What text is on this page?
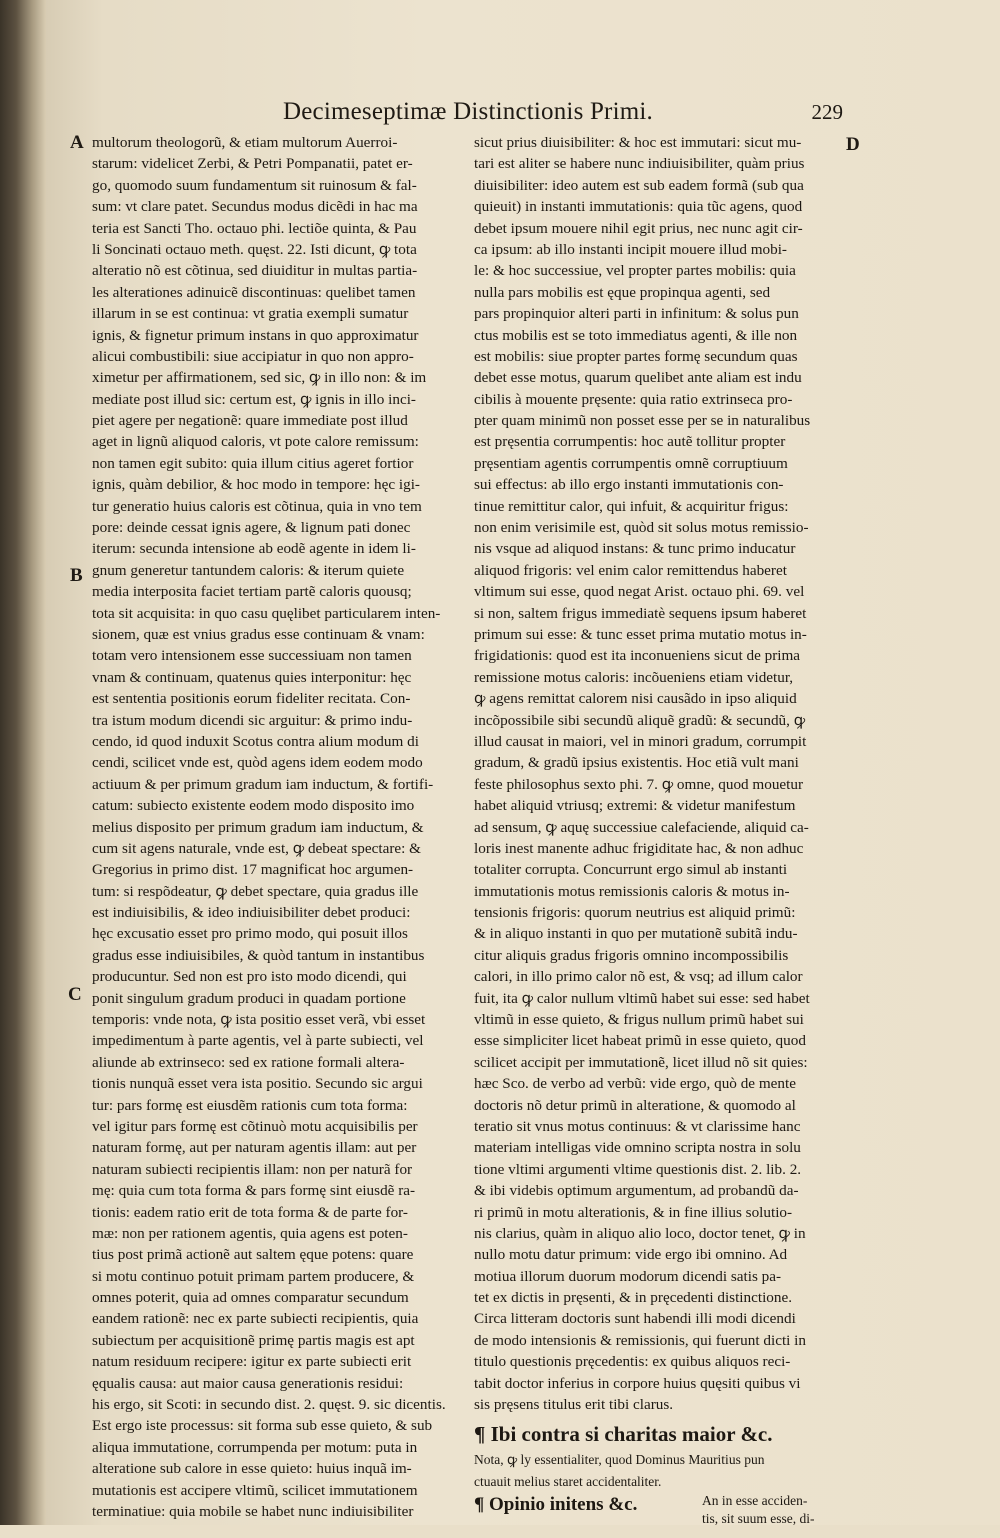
Decimeseptimæ Distinctionis Primi.	229
A
B
C
D
multorum theologorũ, & etiam multorum Auerroi-
starum: videlicet Zerbi, & Petri Pompanatii, patet er-
go, quomodo suum fundamentum sit ruinosum & fal-
sum: vt clare patet. Secundus modus dicẽdi in hac ma
teria est Sancti Tho. octauo phi. lectiõe quinta, & Pau
li Soncinati octauo meth. quęst. 22. Isti dicunt, ꝙ tota
alteratio nõ est cõtinua, sed diuiditur in multas partia-
les alterationes adinuicẽ discontinuas: quelibet tamen
illarum in se est continua: vt gratia exempli sumatur
ignis, & fignetur primum instans in quo approximatur
alicui combustibili: siue accipiatur in quo non appro-
ximetur per affirmationem, sed sic, ꝙ in illo non: & im
mediate post illud sic: certum est, ꝙ ignis in illo inci-
piet agere per negationẽ: quare immediate post illud
aget in lignũ aliquod caloris, vt pote calore remissum:
non tamen egit subito: quia illum citius ageret fortior
ignis, quàm debilior, & hoc modo in tempore: hęc igi-
tur generatio huius caloris est cõtinua, quia in vno tem
pore: deinde cessat ignis agere, & lignum pati donec
iterum: secunda intensione ab eodẽ agente in idem li-
gnum generetur tantundem caloris: & iterum quiete
media interposita faciet tertiam partẽ caloris quousq;
tota sit acquisita: in quo casu quęlibet particularem inten-
sionem, quæ est vnius gradus esse continuam & vnam:
totam vero intensionem esse successiuam non tamen
vnam & continuam, quatenus quies interponitur: hęc
est sententia positionis eorum fideliter recitata. Con-
tra istum modum dicendi sic arguitur: & primo indu-
cendo, id quod induxit Scotus contra alium modum di
cendi, scilicet vnde est, quòd agens idem eodem modo
actiuum & per primum gradum iam inductum, & fortifi-
catum: subiecto existente eodem modo disposito imo
melius disposito per primum gradum iam inductum, &
cum sit agens naturale, vnde est, ꝙ debeat spectare: &
Gregorius in primo dist. 17 magnificat hoc argumen-
tum: si respõdeatur, ꝙ debet spectare, quia gradus ille
est indiuisibilis, & ideo indiuisibiliter debet produci:
hęc excusatio esset pro primo modo, qui posuit illos
gradus esse indiuisibiles, & quòd tantum in instantibus
producuntur. Sed non est pro isto modo dicendi, qui
ponit singulum gradum produci in quadam portione
temporis: vnde nota, ꝙ ista positio esset verã, vbi esset
impedimentum à parte agentis, vel à parte subiecti, vel
aliunde ab extrinseco: sed ex ratione formali altera-
tionis nunquã esset vera ista positio. Secundo sic argui
tur: pars formę est eiusdẽm rationis cum tota forma:
vel igitur pars formę est cõtinuò motu acquisibilis per
naturam formę, aut per naturam agentis illam: aut per
naturam subiecti recipientis illam: non per naturã for
mę: quia cum tota forma & pars formę sint eiusdẽ ra-
tionis: eadem ratio erit de tota forma & de parte for-
mæ: non per rationem agentis, quia agens est poten-
tius post primã actionẽ aut saltem ęque potens: quare
si motu continuo potuit primam partem producere, &
omnes poterit, quia ad omnes comparatur secundum
eandem rationẽ: nec ex parte subiecti recipientis, quia
subiectum per acquisitionẽ primę partis magis est apt
natum residuum recipere: igitur ex parte subiecti erit
ęqualis causa: aut maior causa generationis residui:
his ergo, sit Scoti: in secundo dist. 2. quęst. 9. sic dicentis.
Est ergo iste processus: sit forma sub esse quieto, & sub
aliqua immutatione, corrumpenda per motum: puta in
alteratione sub calore in esse quieto: huius inquã im-
mutationis est accipere vltimũ, scilicet immutationem
terminatiue: quia mobile se habet nunc indiuisibiliter
sicut prius diuisibiliter: & hoc est immutari: sicut mu-
tari est aliter se habere nunc indiuisibiliter, quàm prius
diuisibiliter: ideo autem est sub eadem formã (sub qua
quieuit) in instanti immutationis: quia tũc agens, quod
debet ipsum mouere nihil egit prius, nec nunc agit cir-
ca ipsum: ab illo instanti incipit mouere illud mobi-
le: & hoc successiue, vel propter partes mobilis: quia
nulla pars mobilis est ęque propinqua agenti, sed
pars propinquior alteri parti in infinitum: & solus pun
ctus mobilis est se toto immediatus agenti, & ille non
est mobilis: siue propter partes formę secundum quas
debet esse motus, quarum quelibet ante aliam est indu
cibilis à mouente pręsente: quia ratio extrinseca pro-
pter quam minimũ non posset esse per se in naturalibus
est pręsentia corrumpentis: hoc autẽ tollitur propter
pręsentiam agentis corrumpentis omnẽ corruptiuum
sui effectus: ab illo ergo instanti immutationis con-
tinue remittitur calor, qui infuit, & acquiritur frigus:
non enim verisimile est, quòd sit solus motus remissio-
nis vsque ad aliquod instans: & tunc primo inducatur
aliquod frigoris: vel enim calor remittendus haberet
vltimum sui esse, quod negat Arist. octauo phi. 69. vel
si non, saltem frigus immediatè sequens ipsum haberet
primum sui esse: & tunc esset prima mutatio motus in-
frigidationis: quod est ita inconueniens sicut de prima
remissione motus caloris: incõueniens etiam videtur,
ꝙ agens remittat calorem nisi causãdo in ipso aliquid
incõpossibile sibi secundũ aliquẽ gradũ: & secundũ, ꝙ
illud causat in maiori, vel in minori gradum, corrumpit
gradum, & gradũ ipsius existentis. Hoc etiã vult mani
feste philosophus sexto phi. 7. ꝙ omne, quod mouetur
habet aliquid vtriusq; extremi: & videtur manifestum
ad sensum, ꝙ aquę successiue calefaciende, aliquid ca-
loris inest manente adhuc frigiditate hac, & non adhuc
totaliter corrupta. Concurrunt ergo simul ab instanti
immutationis motus remissionis caloris & motus in-
tensionis frigoris: quorum neutrius est aliquid primũ:
& in aliquo instanti in quo per mutationẽ subitã indu-
citur aliquis gradus frigoris omnino incompossibilis
calori, in illo primo calor nõ est, & vsq; ad illum calor
fuit, ita ꝙ calor nullum vltimũ habet sui esse: sed habet
vltimũ in esse quieto, & frigus nullum primũ habet sui
esse simpliciter licet habeat primũ in esse quieto, quod
scilicet accipit per immutationẽ, licet illud nõ sit quies:
hæc Sco. de verbo ad verbũ: vide ergo, quò de mente
doctoris nõ detur primũ in alteratione, & quomodo al
teratio sit vnus motus continuus: & vt clarissime hanc
materiam intelligas vide omnino scripta nostra in solu
tione vltimi argumenti vltime questionis dist. 2. lib. 2.
& ibi videbis optimum argumentum, ad probandũ da-
ri primũ in motu alterationis, & in fine illius solutio-
nis clarius, quàm in aliquo alio loco, doctor tenet, ꝙ in
nullo motu datur primum: vide ergo ibi omnino. Ad
motiua illorum duorum modorum dicendi satis pa-
tet ex dictis in pręsenti, & in pręcedenti distinctione.
Circa litteram doctoris sunt habendi illi modi dicendi
de modo intensionis & remissionis, qui fuerunt dicti in
titulo questionis pręcedentis: ex quibus aliquos reci-
tabit doctor inferius in corpore huius quęsiti quibus vi
sis pręsens titulus erit tibi clarus.
¶ Ibi contra si charitas maior &c.
Nota, ꝙ ly essentialiter, quod Dominus Mauritius pun
ctuauit melius staret accidentaliter.
¶ Opinio initens &c.	An in esse acciden-
tis, sit suum esse, di-
